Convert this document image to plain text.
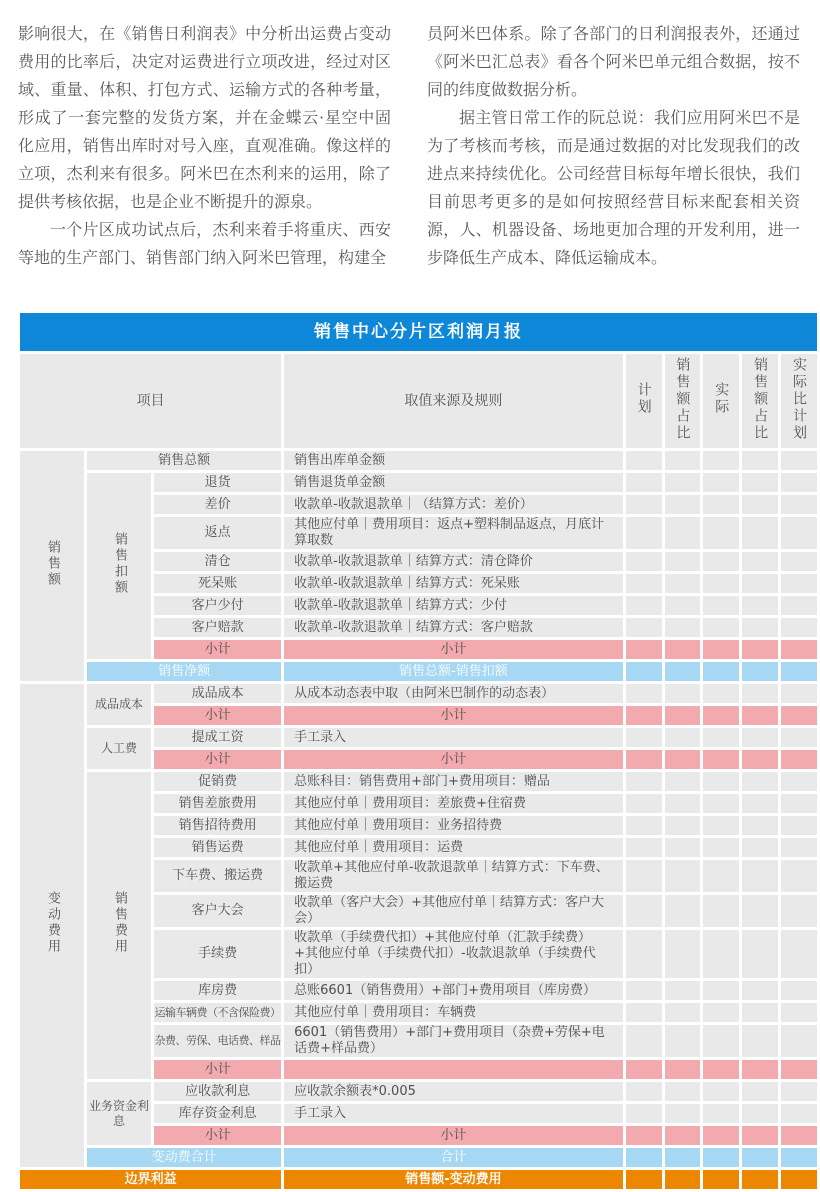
影响很大，在《销售日利润表》中分析出运费占变动费用的比率后，决定对运费进行立项改进，经过对区域、重量、体积、打包方式、运输方式的各种考量，形成了一套完整的发货方案，并在金蝶云·星空中固化应用，销售出库时对号入座，直观准确。像这样的立项，杰利来有很多。阿米巴在杰利来的运用，除了提供考核依据，也是企业不断提升的源泉。

一个片区成功试点后，杰利来着手将重庆、西安等地的生产部门、销售部门纳入阿米巴管理，构建全

员阿米巴体系。除了各部门的日利润报表外，还通过《阿米巴汇总表》看各个阿米巴单元组合数据，按不同的纬度做数据分析。

据主管日常工作的阮总说：我们应用阿米巴不是为了考核而考核，而是通过数据的对比发现我们的改进点来持续优化。公司经营目标每年增长很快，我们目前思考更多的是如何按照经营目标来配套相关资源，人、机器设备、场地更加合理的开发利用，进一步降低生产成本、降低运输成本。

销售中心分片区利润月报								
项目			取值来源及规则	计划	销售额占比	实际	销售额占比	实际比计划
销售额	销售总额		销售出库单金额					
	销售扣额	退货	销售退货单金额					
		差价	收款单-收款退款单｜（结算方式：差价）					
		返点	其他应付单｜费用项目：返点+塑料制品返点，月底计算取数					
		清仓	收款单-收款退款单｜结算方式：清仓降价					
		死呆账	收款单-收款退款单｜结算方式：死呆账					
		客户少付	收款单-收款退款单｜结算方式：少付					
		客户赔款	收款单-收款退款单｜结算方式：客户赔款					
		小计	小计					
	销售净额		销售总额-销售扣额					
变动费用	成品成本	成品成本	从成本动态表中取（由阿米巴制作的动态表）					
		小计	小计					
	人工费	提成工资	手工录入					
		小计	小计					
	销售费用	促销费	总账科目：销售费用+部门+费用项目：赠品					
		销售差旅费用	其他应付单｜费用项目：差旅费+住宿费					
		销售招待费用	其他应付单｜费用项目：业务招待费					
		销售运费	其他应付单｜费用项目：运费					
		下车费、搬运费	收款单+其他应付单-收款退款单｜结算方式：下车费、搬运费					
		客户大会	收款单（客户大会）+其他应付单｜结算方式：客户大会）					
		手续费	收款单（手续费代扣）+其他应付单（汇款手续费）+其他应付单（手续费代扣）-收款退款单（手续费代扣）					
		库房费	总账6601（销售费用）+部门+费用项目（库房费）					
		运输车辆费（不含保险费）	其他应付单｜费用项目：车辆费					
		杂费、劳保、电话费、样品	6601（销售费用）+部门+费用项目（杂费+劳保+电话费+样品费）					
		小计						
	业务资金利息	应收款利息	应收款余额表*0.005					
		库存资金利息	手工录入					
		小计	小计					
	变动费合计		合计					
边界利益			销售额-变动费用					
